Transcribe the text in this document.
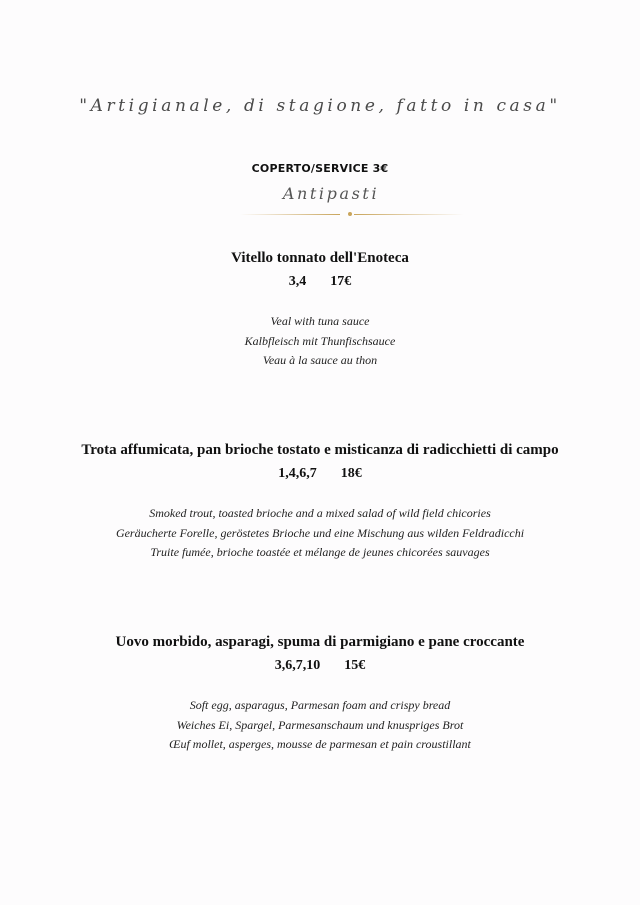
"Artigianale, di stagione, fatto in casa"
COPERTO/SERVICE 3€
Antipasti
Vitello tonnato dell'Enoteca
3,4 17€
Veal with tuna sauce
Kalbfleisch mit Thunfischsauce
Veau à la sauce au thon
Trota affumicata, pan brioche tostato e misticanza di radicchietti di campo
1,4,6,7 18€
Smoked trout, toasted brioche and a mixed salad of wild field chicories
Geräucherte Forelle, geröstetes Brioche und eine Mischung aus wilden Feldradicchi
Truite fumée, brioche toastée et mélange de jeunes chicorées sauvages
Uovo morbido, asparagi, spuma di parmigiano e pane croccante
3,6,7,10 15€
Soft egg, asparagus, Parmesan foam and crispy bread
Weiches Ei, Spargel, Parmesanschaum und knuspriges Brot
Œuf mollet, asperges, mousse de parmesan et pain croustillant
